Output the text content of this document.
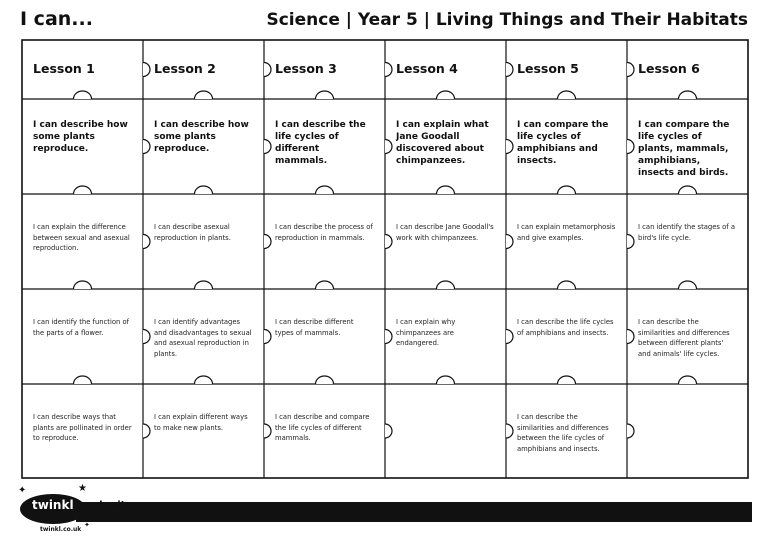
I can...	Science | Year 5 | Living Things and Their Habitats
Lesson 1
I can describe how some plants reproduce.
I can explain the difference between sexual and asexual reproduction.
I can identify the function of the parts of a flower.
I can describe ways that plants are pollinated in order to reproduce.
Lesson 2
I can describe how some plants reproduce.
I can describe asexual reproduction in plants.
I can identify advantages and disadvantages to sexual and asexual reproduction in plants.
I can explain different ways to make new plants.
Lesson 3
I can describe the life cycles of different mammals.
I can describe the process of reproduction in mammals.
I can describe different types of mammals.
I can describe and compare the life cycles of different mammals.
Lesson 4
I can explain what Jane Goodall discovered about chimpanzees.
I can describe Jane Goodall's work with chimpanzees.
I can explain why chimpanzees are endangered.
Lesson 5
I can compare the life cycles of amphibians and insects.
I can explain metamorphosis and give examples.
I can describe the life cycles of amphibians and insects.
I can describe the similarities and differences between the life cycles of amphibians and insects.
Lesson 6
I can compare the life cycles of plants, mammals, amphibians, insects and birds.
I can identify the stages of a bird's life cycle.
I can describe the similarities and differences between different plants' and animals' life cycles.
✦	★
✦
twinkl planit
twinkl.co.uk
